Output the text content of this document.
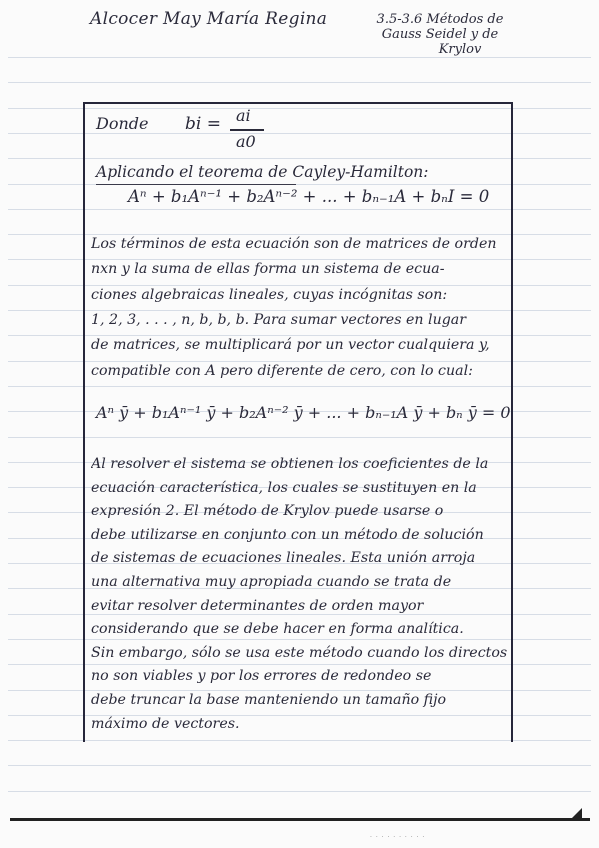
Alcocer May María Regina	3.5-3.6 Métodos de
Gauss Seidel y de
Krylov
Donde bi = ai
a0
Aplicando el teorema de Cayley-Hamilton:
Aⁿ + b₁Aⁿ⁻¹ + b₂Aⁿ⁻² + ... + bₙ₋₁A + bₙI = 0
Los términos de esta ecuación son de matrices de orden
nxn y la suma de ellas forma un sistema de ecua-
ciones algebraicas lineales, cuyas incógnitas son:
1, 2, 3, . . . , n, b, b, b. Para sumar vectores en lugar
de matrices, se multiplicará por un vector cualquiera y,
compatible con A pero diferente de cero, con lo cual:
Aⁿ ȳ + b₁Aⁿ⁻¹ ȳ + b₂Aⁿ⁻² ȳ + ... + bₙ₋₁A ȳ + bₙ ȳ = 0
Al resolver el sistema se obtienen los coeficientes de la
ecuación característica, los cuales se sustituyen en la
expresión 2. El método de Krylov puede usarse o
debe utilizarse en conjunto con un método de solución
de sistemas de ecuaciones lineales. Esta unión arroja
una alternativa muy apropiada cuando se trata de
evitar resolver determinantes de orden mayor
considerando que se debe hacer en forma analítica.
Sin embargo, sólo se usa este método cuando los directos
no son viables y por los errores de redondeo se
debe truncar la base manteniendo un tamaño fijo
máximo de vectores.
· · · · · · · · · ·
